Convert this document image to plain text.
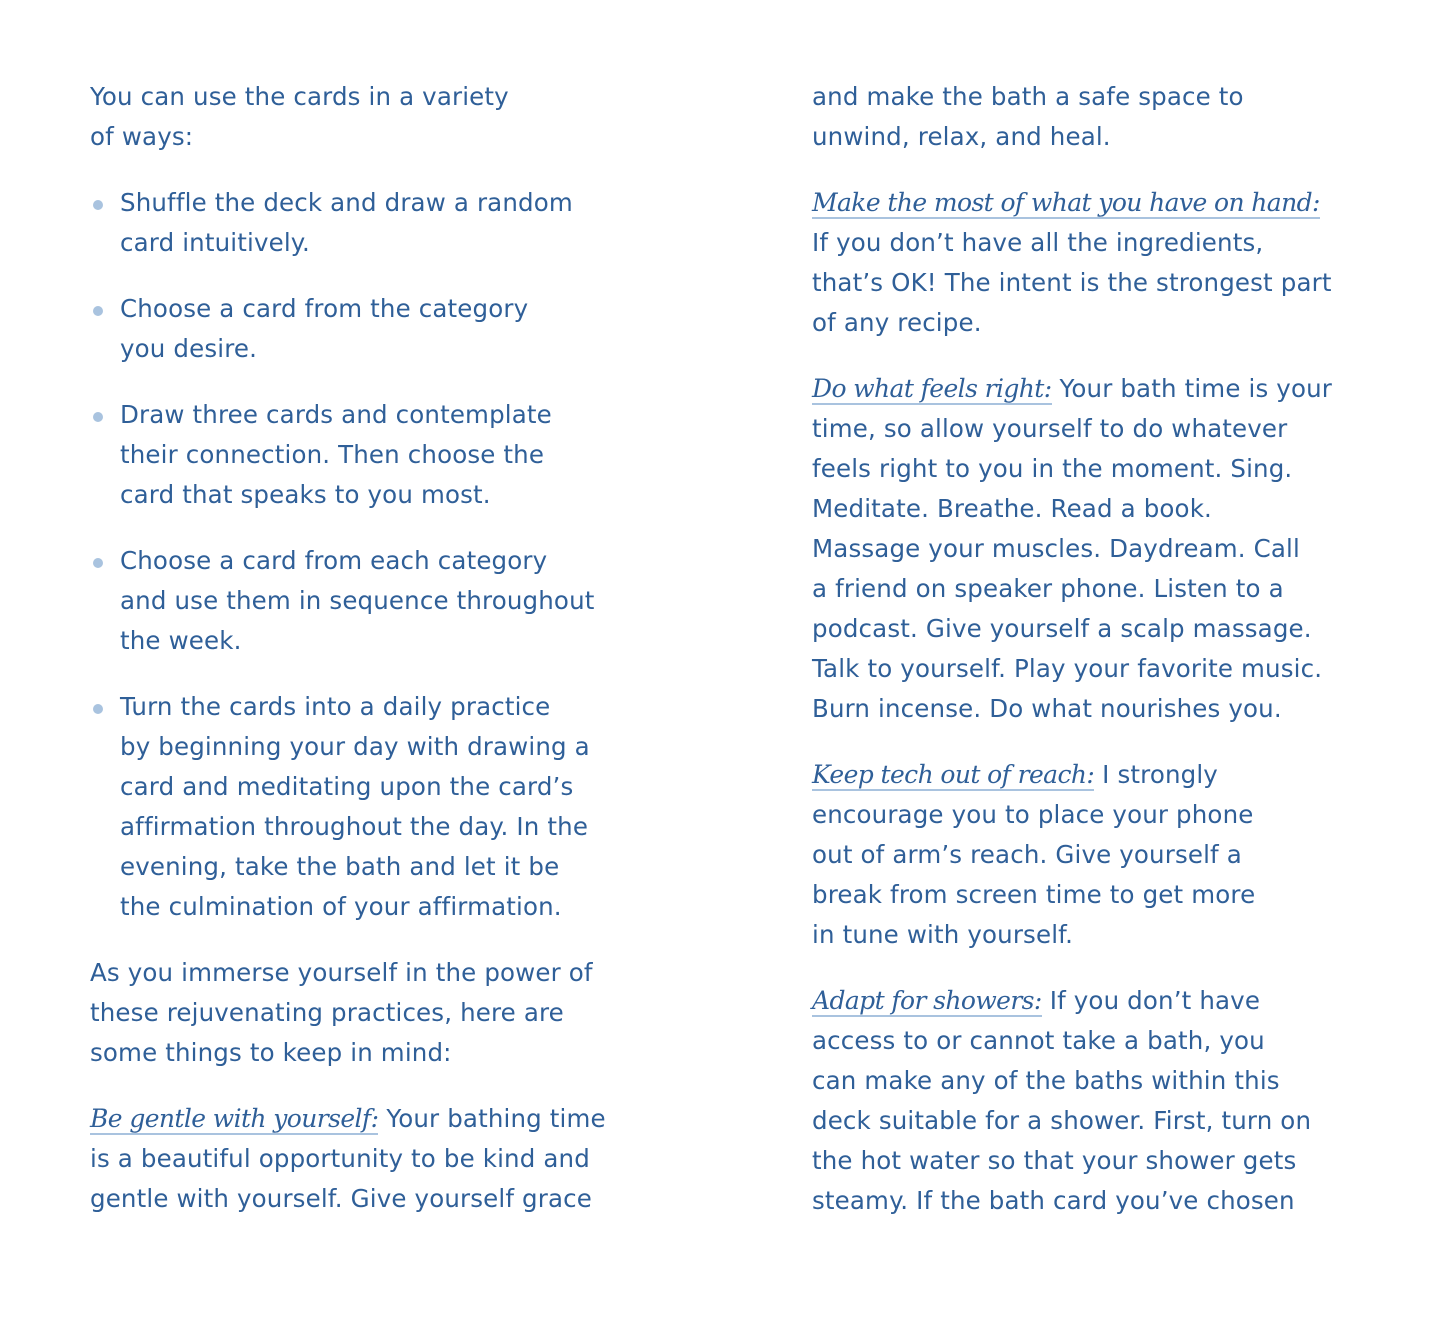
You can use the cards in a variety
of ways:

Shuffle the deck and draw a random
card intuitively.
Choose a card from the category
you desire.
Draw three cards and contemplate
their connection. Then choose the
card that speaks to you most.
Choose a card from each category
and use them in sequence throughout
the week.
Turn the cards into a daily practice
by beginning your day with drawing a
card and meditating upon the card’s
affirmation throughout the day. In the
evening, take the bath and let it be
the culmination of your affirmation.

As you immerse yourself in the power of
these rejuvenating practices, here are
some things to keep in mind:

Be gentle with yourself: Your bathing time
is a beautiful opportunity to be kind and
gentle with yourself. Give yourself grace

and make the bath a safe space to
unwind, relax, and heal.

Make the most of what you have on hand:
If you don’t have all the ingredients,
that’s OK! The intent is the strongest part
of any recipe.

Do what feels right: Your bath time is your
time, so allow yourself to do whatever
feels right to you in the moment. Sing.
Meditate. Breathe. Read a book.
Massage your muscles. Daydream. Call
a friend on speaker phone. Listen to a
podcast. Give yourself a scalp massage.
Talk to yourself. Play your favorite music.
Burn incense. Do what nourishes you.

Keep tech out of reach: I strongly
encourage you to place your phone
out of arm’s reach. Give yourself a
break from screen time to get more
in tune with yourself.

Adapt for showers: If you don’t have
access to or cannot take a bath, you
can make any of the baths within this
deck suitable for a shower. First, turn on
the hot water so that your shower gets
steamy. If the bath card you’ve chosen
